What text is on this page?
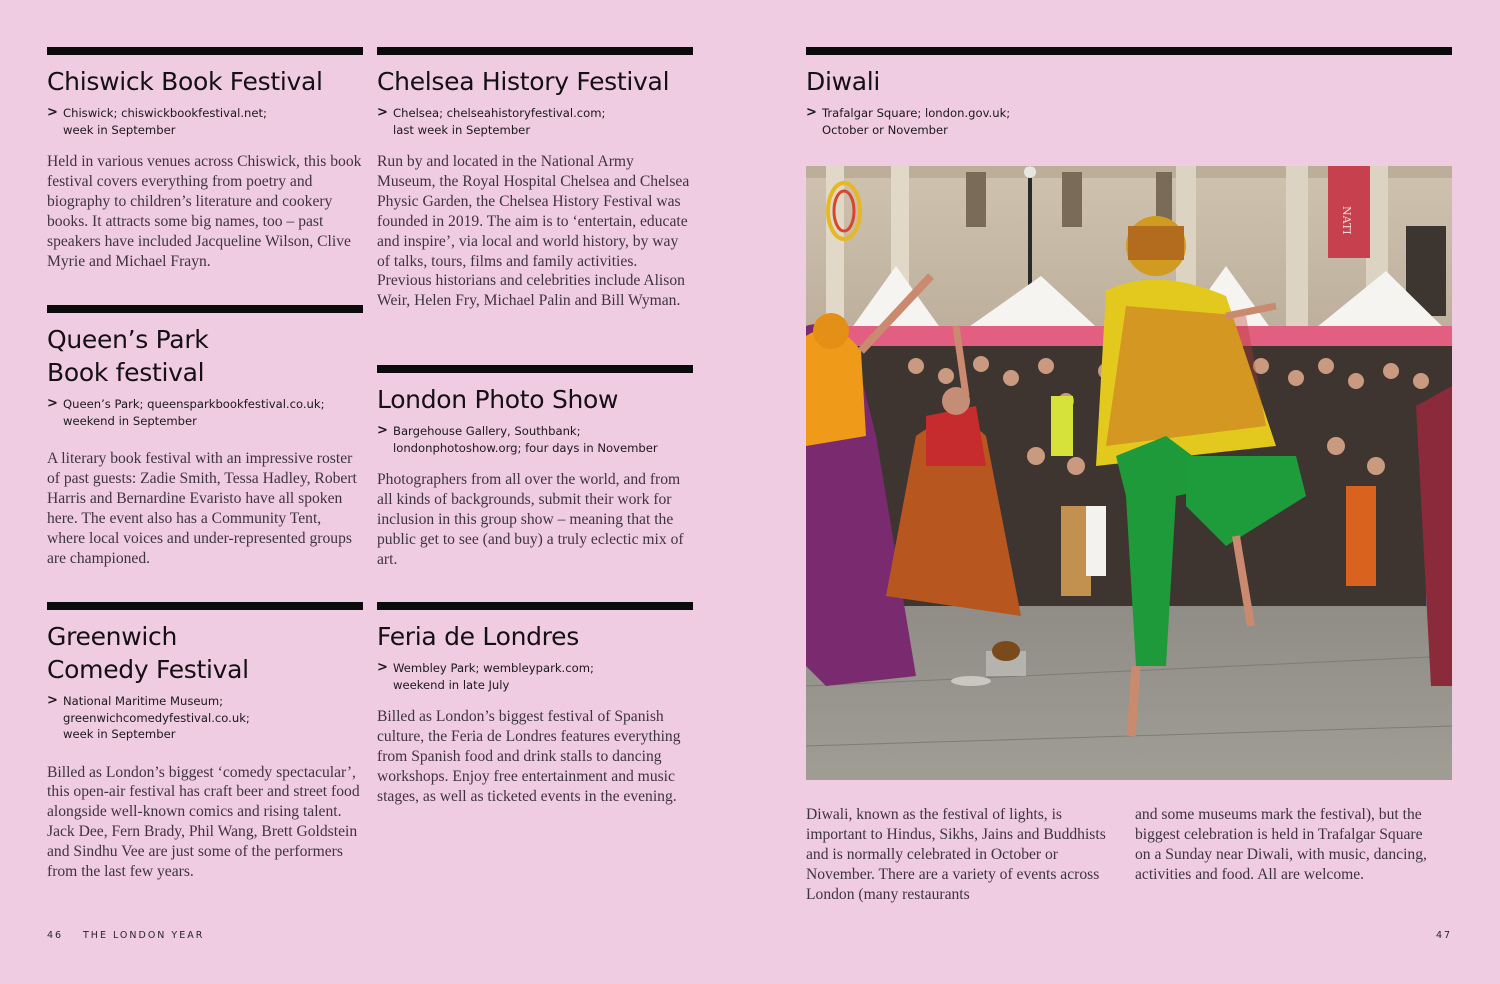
Chiswick Book Festival
> Chiswick; chiswickbookfestival.net;
week in September

Held in various venues across Chiswick, this book festival covers everything from poetry and biography to children’s literature and cookery books. It attracts some big names, too – past speakers have included Jacqueline Wilson, Clive Myrie and Michael Frayn.

Chelsea History Festival
> Chelsea; chelseahistoryfestival.com;
last week in September

Run by and located in the National Army Museum, the Royal Hospital Chelsea and Chelsea Physic Garden, the Chelsea History Festival was founded in 2019. The aim is to ‘entertain, educate and inspire’, via local and world history, by way of talks, tours, films and family activities. Previous historians and celebrities include Alison Weir, Helen Fry, Michael Palin and Bill Wyman.

Queen’s Park
Book festival
> Queen’s Park; queensparkbookfestival.co.uk;
weekend in September

A literary book festival with an impressive roster of past guests: Zadie Smith, Tessa Hadley, Robert Harris and Bernardine Evaristo have all spoken here. The event also has a Community Tent, where local voices and under-represented groups are championed.

London Photo Show
> Bargehouse Gallery, Southbank;
londonphotoshow.org; four days in November

Photographers from all over the world, and from all kinds of backgrounds, submit their work for inclusion in this group show – meaning that the public get to see (and buy) a truly eclectic mix of art.

Greenwich
Comedy Festival
> National Maritime Museum;
greenwichcomedyfestival.co.uk;
week in September

Billed as London’s biggest ‘comedy spectacular’, this open-air festival has craft beer and street food alongside well-known comics and rising talent. Jack Dee, Fern Brady, Phil Wang, Brett Goldstein and Sindhu Vee are just some of the performers from the last few years.

Feria de Londres
> Wembley Park; wembleypark.com;
weekend in late July

Billed as London’s biggest festival of Spanish culture, the Feria de Londres features everything from Spanish food and drink stalls to dancing workshops. Enjoy free entertainment and music stages, as well as ticketed events in the evening.

46 THE LONDON YEAR
Diwali
> Trafalgar Square; london.gov.uk;
October or November
NATI

Diwali, known as the festival of lights, is important to Hindus, Sikhs, Jains and Buddhists and is normally celebrated in October or November. There are a variety of events across London (many restaurants

and some museums mark the festival), but the biggest celebration is held in Trafalgar Square on a Sunday near Diwali, with music, dancing, activities and food. All are welcome.

47
